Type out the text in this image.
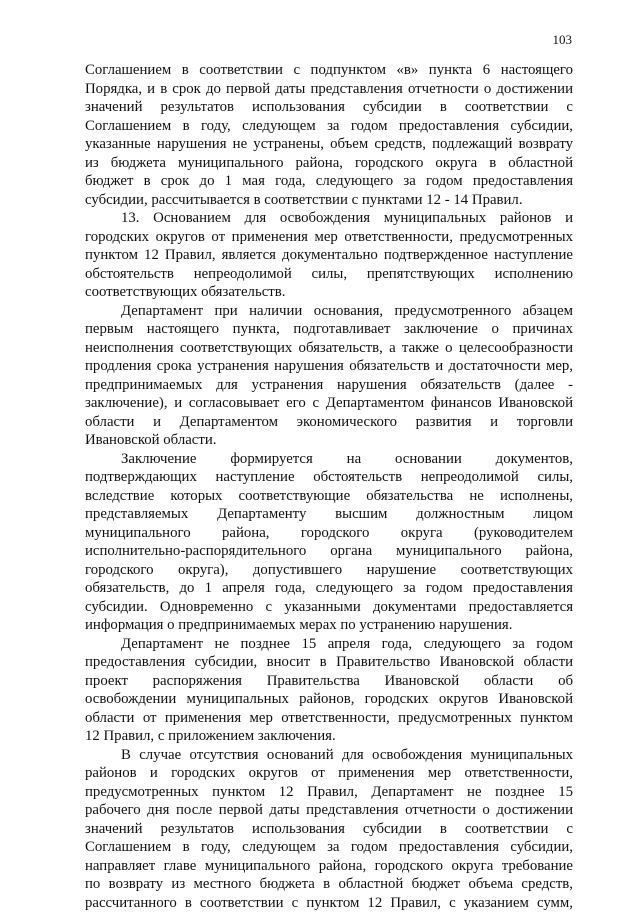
103
Соглашением в соответствии с подпунктом «в» пункта 6 настоящего
Порядка, и в срок до первой даты представления отчетности о достижении
значений результатов использования субсидии в соответствии с
Соглашением в году, следующем за годом предоставления субсидии,
указанные нарушения не устранены, объем средств, подлежащий возврату
из бюджета муниципального района, городского округа в областной
бюджет в срок до 1 мая года, следующего за годом предоставления
субсидии, рассчитывается в соответствии с пунктами 12 - 14 Правил.
13. Основанием для освобождения муниципальных районов и
городских округов от применения мер ответственности, предусмотренных
пунктом 12 Правил, является документально подтвержденное наступление
обстоятельств непреодолимой силы, препятствующих исполнению
соответствующих обязательств.
Департамент при наличии основания, предусмотренного абзацем
первым настоящего пункта, подготавливает заключение о причинах
неисполнения соответствующих обязательств, а также о целесообразности
продления срока устранения нарушения обязательств и достаточности мер,
предпринимаемых для устранения нарушения обязательств (далее -
заключение), и согласовывает его с Департаментом финансов Ивановской
области и Департаментом экономического развития и торговли
Ивановской области.
Заключение формируется на основании документов,
подтверждающих наступление обстоятельств непреодолимой силы,
вследствие которых соответствующие обязательства не исполнены,
представляемых Департаменту высшим должностным лицом
муниципального района, городского округа (руководителем
исполнительно-распорядительного органа муниципального района,
городского округа), допустившего нарушение соответствующих
обязательств, до 1 апреля года, следующего за годом предоставления
субсидии. Одновременно с указанными документами предоставляется
информация о предпринимаемых мерах по устранению нарушения.
Департамент не позднее 15 апреля года, следующего за годом
предоставления субсидии, вносит в Правительство Ивановской области
проект распоряжения Правительства Ивановской области об
освобождении муниципальных районов, городских округов Ивановской
области от применения мер ответственности, предусмотренных пунктом
12 Правил, с приложением заключения.
В случае отсутствия оснований для освобождения муниципальных
районов и городских округов от применения мер ответственности,
предусмотренных пунктом 12 Правил, Департамент не позднее 15
рабочего дня после первой даты представления отчетности о достижении
значений результатов использования субсидии в соответствии с
Соглашением в году, следующем за годом предоставления субсидии,
направляет главе муниципального района, городского округа требование
по возврату из местного бюджета в областной бюджет объема средств,
рассчитанного в соответствии с пунктом 12 Правил, с указанием сумм,
